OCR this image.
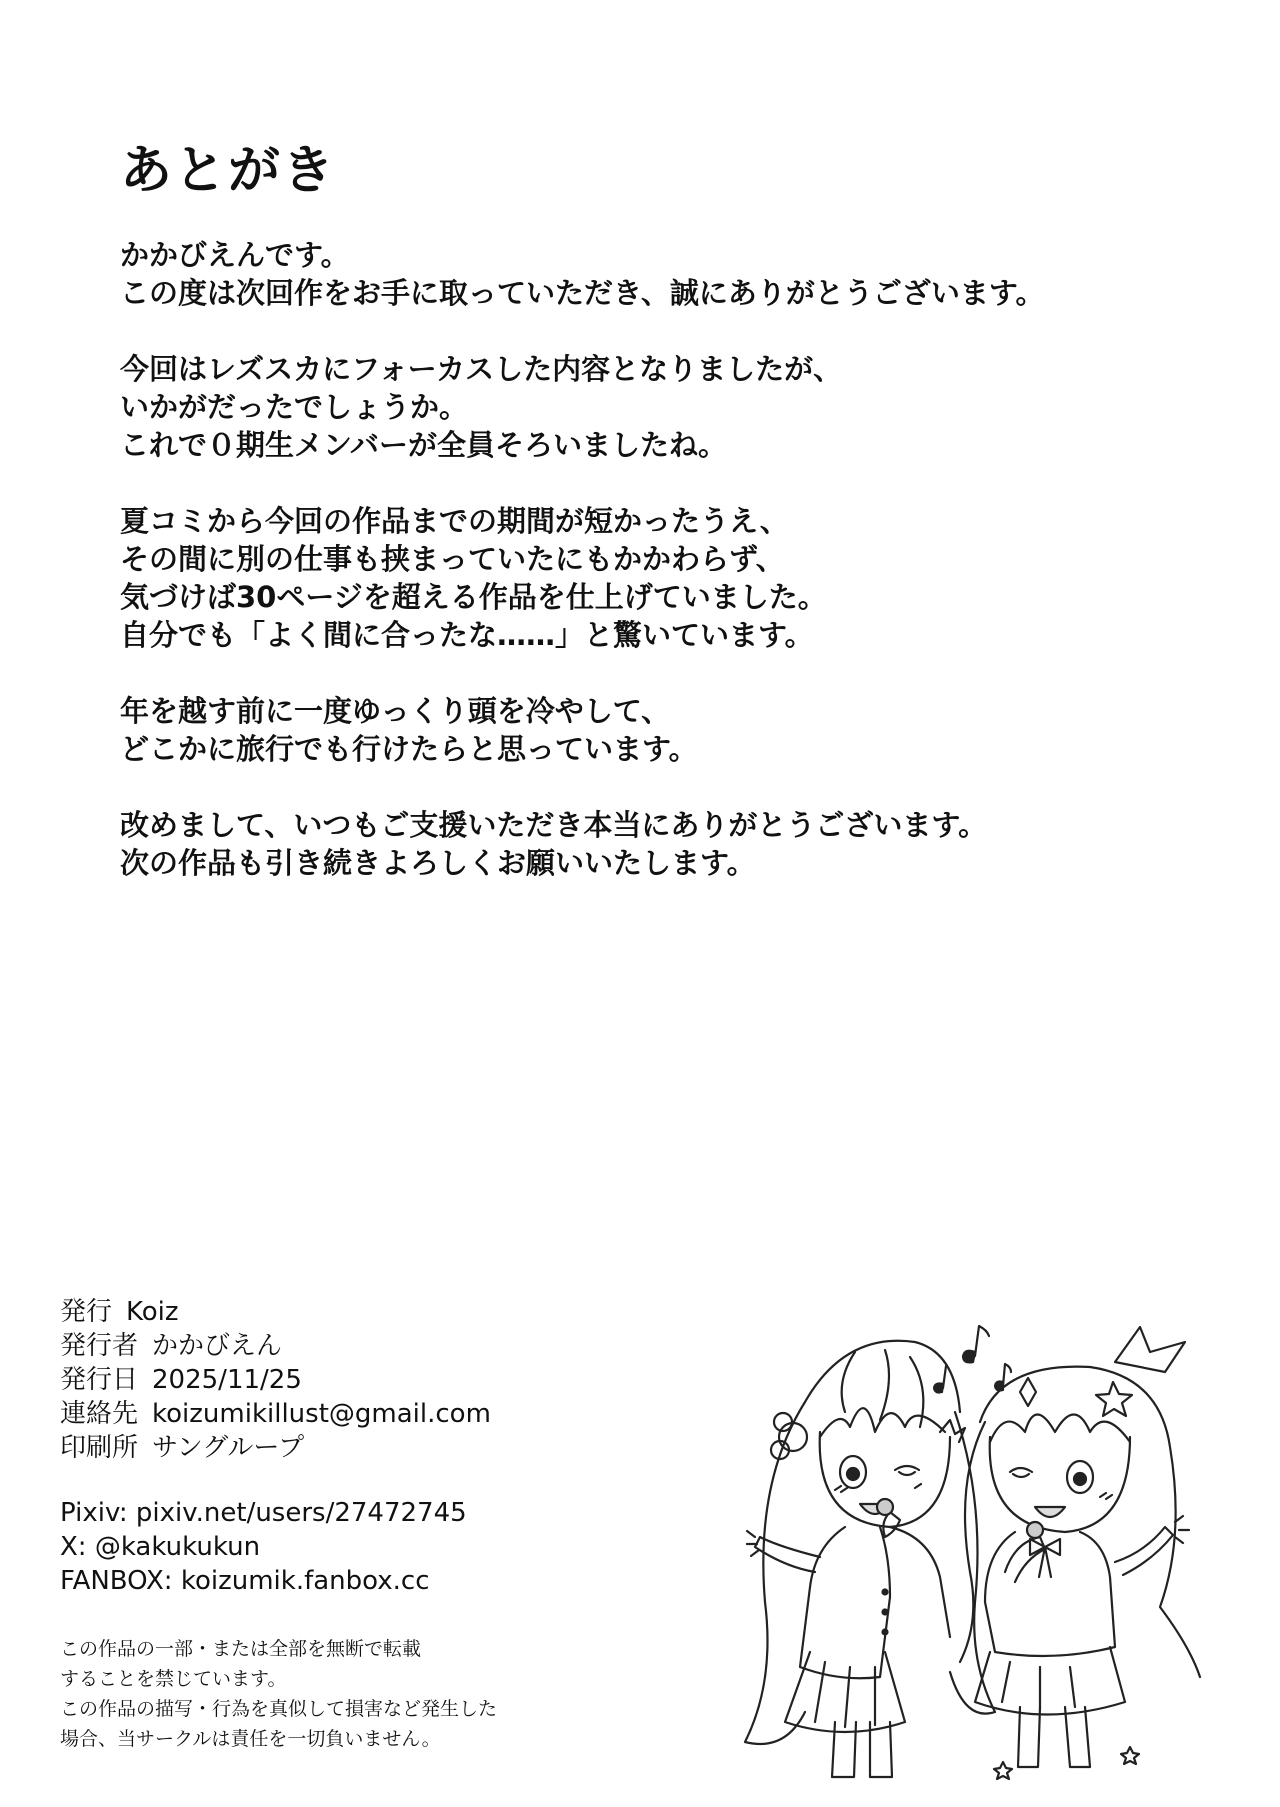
あとがき
かかびえんです。
この度は次回作をお手に取っていただき、誠にありがとうございます。
今回はレズスカにフォーカスした内容となりましたが、
いかがだったでしょうか。
これで０期生メンバーが全員そろいましたね。
夏コミから今回の作品までの期間が短かったうえ、
その間に別の仕事も挟まっていたにもかかわらず、
気づけば30ページを超える作品を仕上げていました。
自分でも「よく間に合ったな……」と驚いています。
年を越す前に一度ゆっくり頭を冷やして、
どこかに旅行でも行けたらと思っています。
改めまして、いつもご支援いただき本当にありがとうございます。
次の作品も引き続きよろしくお願いいたします。
発行 Koiz
発行者 かかびえん
発行日 2025/11/25
連絡先 koizumikillust@gmail.com
印刷所 サングループ
Pixiv: pixiv.net/users/27472745
X: @kakukukun
FANBOX: koizumik.fanbox.cc
この作品の一部・または全部を無断で転載
することを禁じています。
この作品の描写・行為を真似して損害など発生した
場合、当サークルは責任を一切負いません。
